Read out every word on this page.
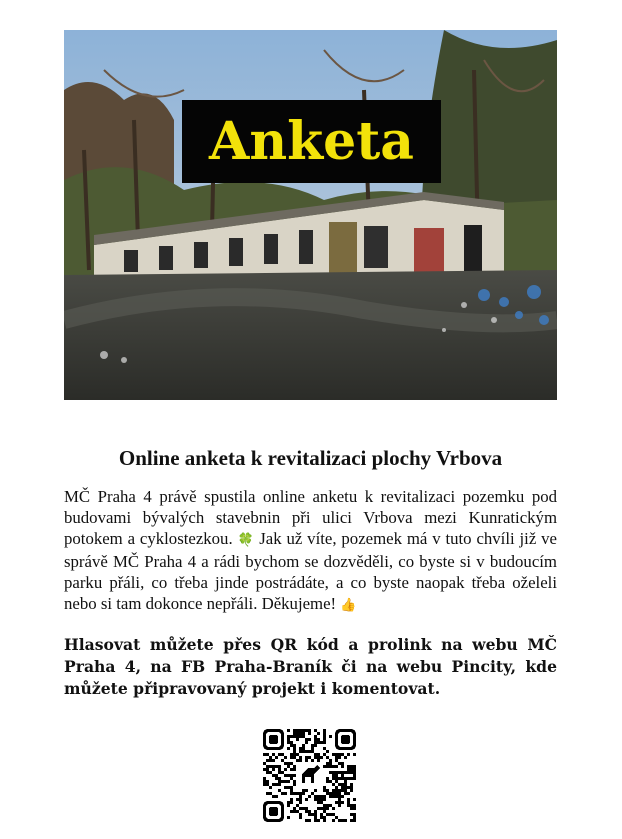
Anketa
Online anketa k revitalizaci plochy Vrbova
MČ Praha 4 právě spustila online anketu k revitalizaci pozemku pod budovami bývalých stavebnin při ulici Vrbova mezi Kunratickým potokem a cyklostezkou. 🍀 Jak už víte, pozemek má v tuto chvíli již ve správě MČ Praha 4 a rádi bychom se dozvěděli, co byste si v budoucím parku přáli, co třeba jinde postrádáte, a co byste naopak třeba oželeli nebo si tam dokonce nepřáli. Děkujeme! 👍
Hlasovat můžete přes QR kód a prolink na webu MČ Praha 4, na FB Praha-Braník či na webu Pincity, kde můžete připravovaný projekt i komentovat.
